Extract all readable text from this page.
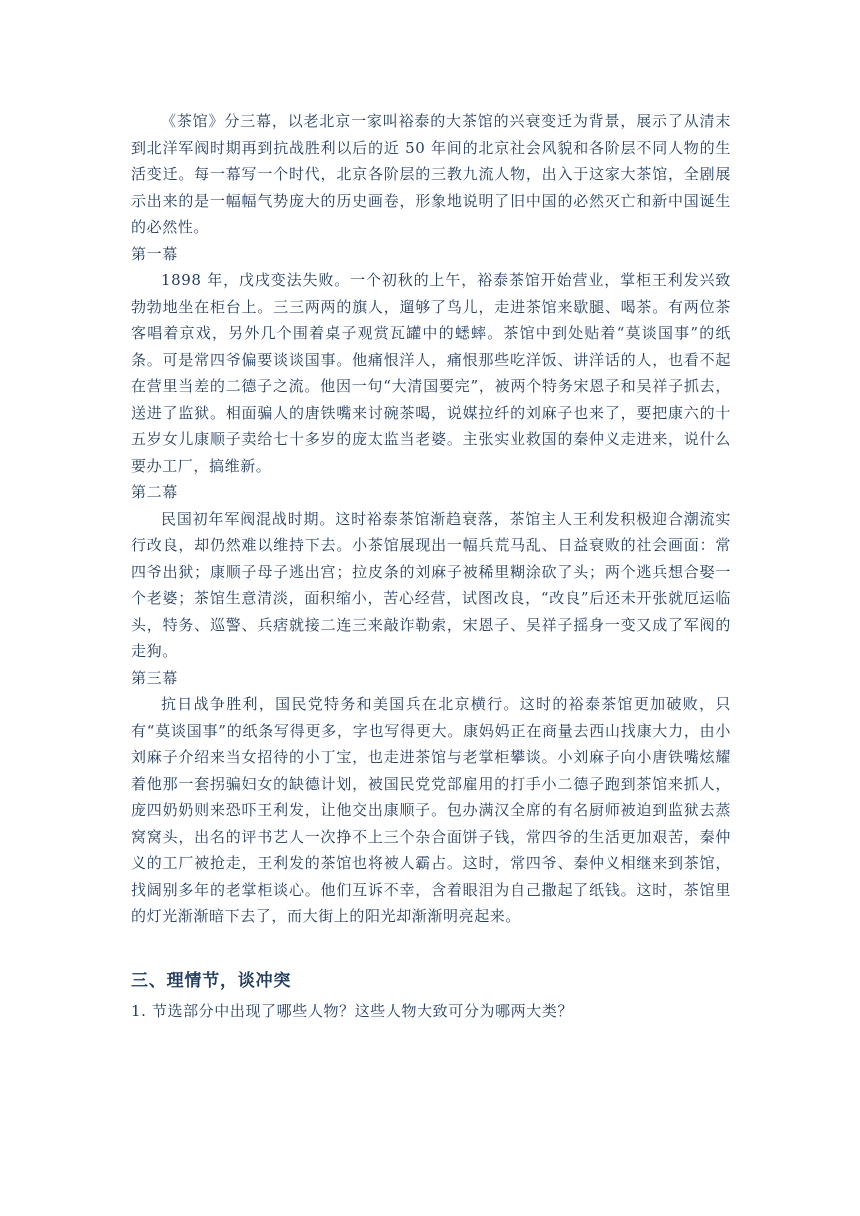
《茶馆》分三幕，以老北京一家叫裕泰的大茶馆的兴衰变迁为背景，展示了从清末到北洋军阀时期再到抗战胜利以后的近 50 年间的北京社会风貌和各阶层不同人物的生活变迁。每一幕写一个时代，北京各阶层的三教九流人物，出入于这家大茶馆，全剧展示出来的是一幅幅气势庞大的历史画卷，形象地说明了旧中国的必然灭亡和新中国诞生的必然性。

第一幕

1898 年，戊戌变法失败。一个初秋的上午，裕泰茶馆开始营业，掌柜王利发兴致勃勃地坐在柜台上。三三两两的旗人，遛够了鸟儿，走进茶馆来歇腿、喝茶。有两位茶客唱着京戏，另外几个围着桌子观赏瓦罐中的蟋蟀。茶馆中到处贴着“莫谈国事”的纸条。可是常四爷偏要谈谈国事。他痛恨洋人，痛恨那些吃洋饭、讲洋话的人，也看不起在营里当差的二德子之流。他因一句“大清国要完”，被两个特务宋恩子和吴祥子抓去，送进了监狱。相面骗人的唐铁嘴来讨碗茶喝，说媒拉纤的刘麻子也来了，要把康六的十五岁女儿康顺子卖给七十多岁的庞太监当老婆。主张实业救国的秦仲义走进来，说什么要办工厂，搞维新。

第二幕

民国初年军阀混战时期。这时裕泰茶馆渐趋衰落，茶馆主人王利发积极迎合潮流实行改良，却仍然难以维持下去。小茶馆展现出一幅兵荒马乱、日益衰败的社会画面：常四爷出狱；康顺子母子逃出宫；拉皮条的刘麻子被稀里糊涂砍了头；两个逃兵想合娶一个老婆；茶馆生意清淡，面积缩小，苦心经营，试图改良，“改良”后还未开张就厄运临头，特务、巡警、兵痞就接二连三来敲诈勒索，宋恩子、吴祥子摇身一变又成了军阀的走狗。

第三幕

抗日战争胜利，国民党特务和美国兵在北京横行。这时的裕泰茶馆更加破败，只有“莫谈国事”的纸条写得更多，字也写得更大。康妈妈正在商量去西山找康大力，由小刘麻子介绍来当女招待的小丁宝，也走进茶馆与老掌柜攀谈。小刘麻子向小唐铁嘴炫耀着他那一套拐骗妇女的缺德计划，被国民党党部雇用的打手小二德子跑到茶馆来抓人，庞四奶奶则来恐吓王利发，让他交出康顺子。包办满汉全席的有名厨师被迫到监狱去蒸窝窝头，出名的评书艺人一次挣不上三个杂合面饼子钱，常四爷的生活更加艰苦，秦仲义的工厂被抢走，王利发的茶馆也将被人霸占。这时，常四爷、秦仲义相继来到茶馆，找阔别多年的老掌柜谈心。他们互诉不幸，含着眼泪为自己撒起了纸钱。这时，茶馆里的灯光渐渐暗下去了，而大街上的阳光却渐渐明亮起来。

三、理情节，谈冲突

1. 节选部分中出现了哪些人物？这些人物大致可分为哪两大类？
